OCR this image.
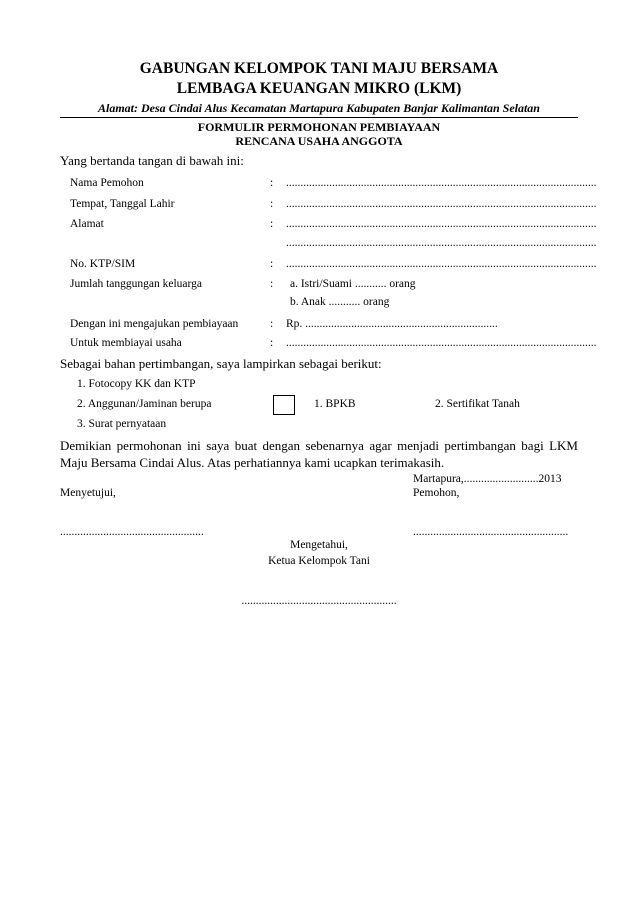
GABUNGAN KELOMPOK TANI MAJU BERSAMA
LEMBAGA KEUANGAN MIKRO (LKM)
Alamat: Desa Cindai Alus Kecamatan Martapura Kabupaten Banjar Kalimantan Selatan
FORMULIR PERMOHONAN PEMBIAYAAN
RENCANA USAHA ANGGOTA
Yang bertanda tangan di bawah ini:
Nama Pemohon	: ............................................................................................................
Tempat, Tanggal Lahir	: ............................................................................................................
Alamat	: ............................................................................................................
............................................................................................................
No. KTP/SIM	: ............................................................................................................
Jumlah tanggungan keluarga	: a. Istri/Suami ........... orang
b. Anak ........... orang
Dengan ini mengajukan pembiayaan	: Rp. ...................................................................
Untuk membiayai usaha	: ............................................................................................................
Sebagai bahan pertimbangan, saya lampirkan sebagai berikut:
1. Fotocopy KK dan KTP
2. Anggunan/Jaminan berupa	1. BPKB	2. Sertifikat Tanah
3. Surat pernyataan
Demikian permohonan ini saya buat dengan sebenarnya agar menjadi pertimbangan bagi LKM
Maju Bersama Cindai Alus. Atas perhatiannya kami ucapkan terimakasih.
Martapura,..........................2013
Menyetujui,	Pemohon,
..................................................	......................................................
Mengetahui,
Ketua Kelompok Tani
......................................................
